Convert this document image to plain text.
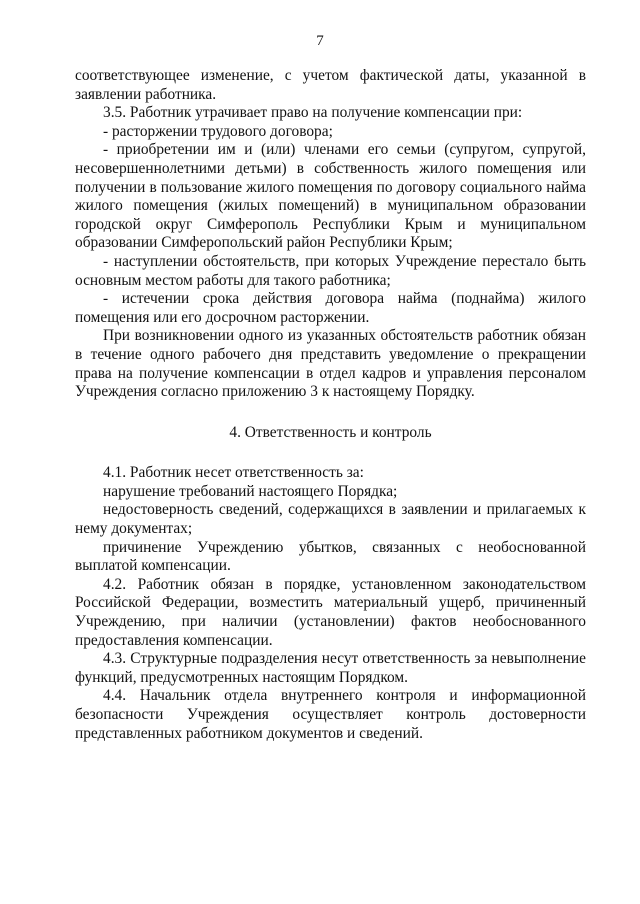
7

соответствующее изменение, с учетом фактической даты, указанной в заявлении работника.

3.5. Работник утрачивает право на получение компенсации при:

- расторжении трудового договора;

- приобретении им и (или) членами его семьи (супругом, супругой, несовершеннолетними детьми) в собственность жилого помещения или получении в пользование жилого помещения по договору социального найма жилого помещения (жилых помещений) в муниципальном образовании городской округ Симферополь Республики Крым и муниципальном образовании Симферопольский район Республики Крым;

- наступлении обстоятельств, при которых Учреждение перестало быть основным местом работы для такого работника;

- истечении срока действия договора найма (поднайма) жилого помещения или его досрочном расторжении.

При возникновении одного из указанных обстоятельств работник обязан в течение одного рабочего дня представить уведомление о прекращении права на получение компенсации в отдел кадров и управления персоналом Учреждения согласно приложению 3 к настоящему Порядку.

4. Ответственность и контроль

4.1. Работник несет ответственность за:

нарушение требований настоящего Порядка;

недостоверность сведений, содержащихся в заявлении и прилагаемых к нему документах;

причинение Учреждению убытков, связанных с необоснованной выплатой компенсации.

4.2. Работник обязан в порядке, установленном законодательством Российской Федерации, возместить материальный ущерб, причиненный Учреждению, при наличии (установлении) фактов необоснованного предоставления компенсации.

4.3. Структурные подразделения несут ответственность за невыполнение функций, предусмотренных настоящим Порядком.

4.4. Начальник отдела внутреннего контроля и информационной безопасности Учреждения осуществляет контроль достоверности представленных работником документов и сведений.
